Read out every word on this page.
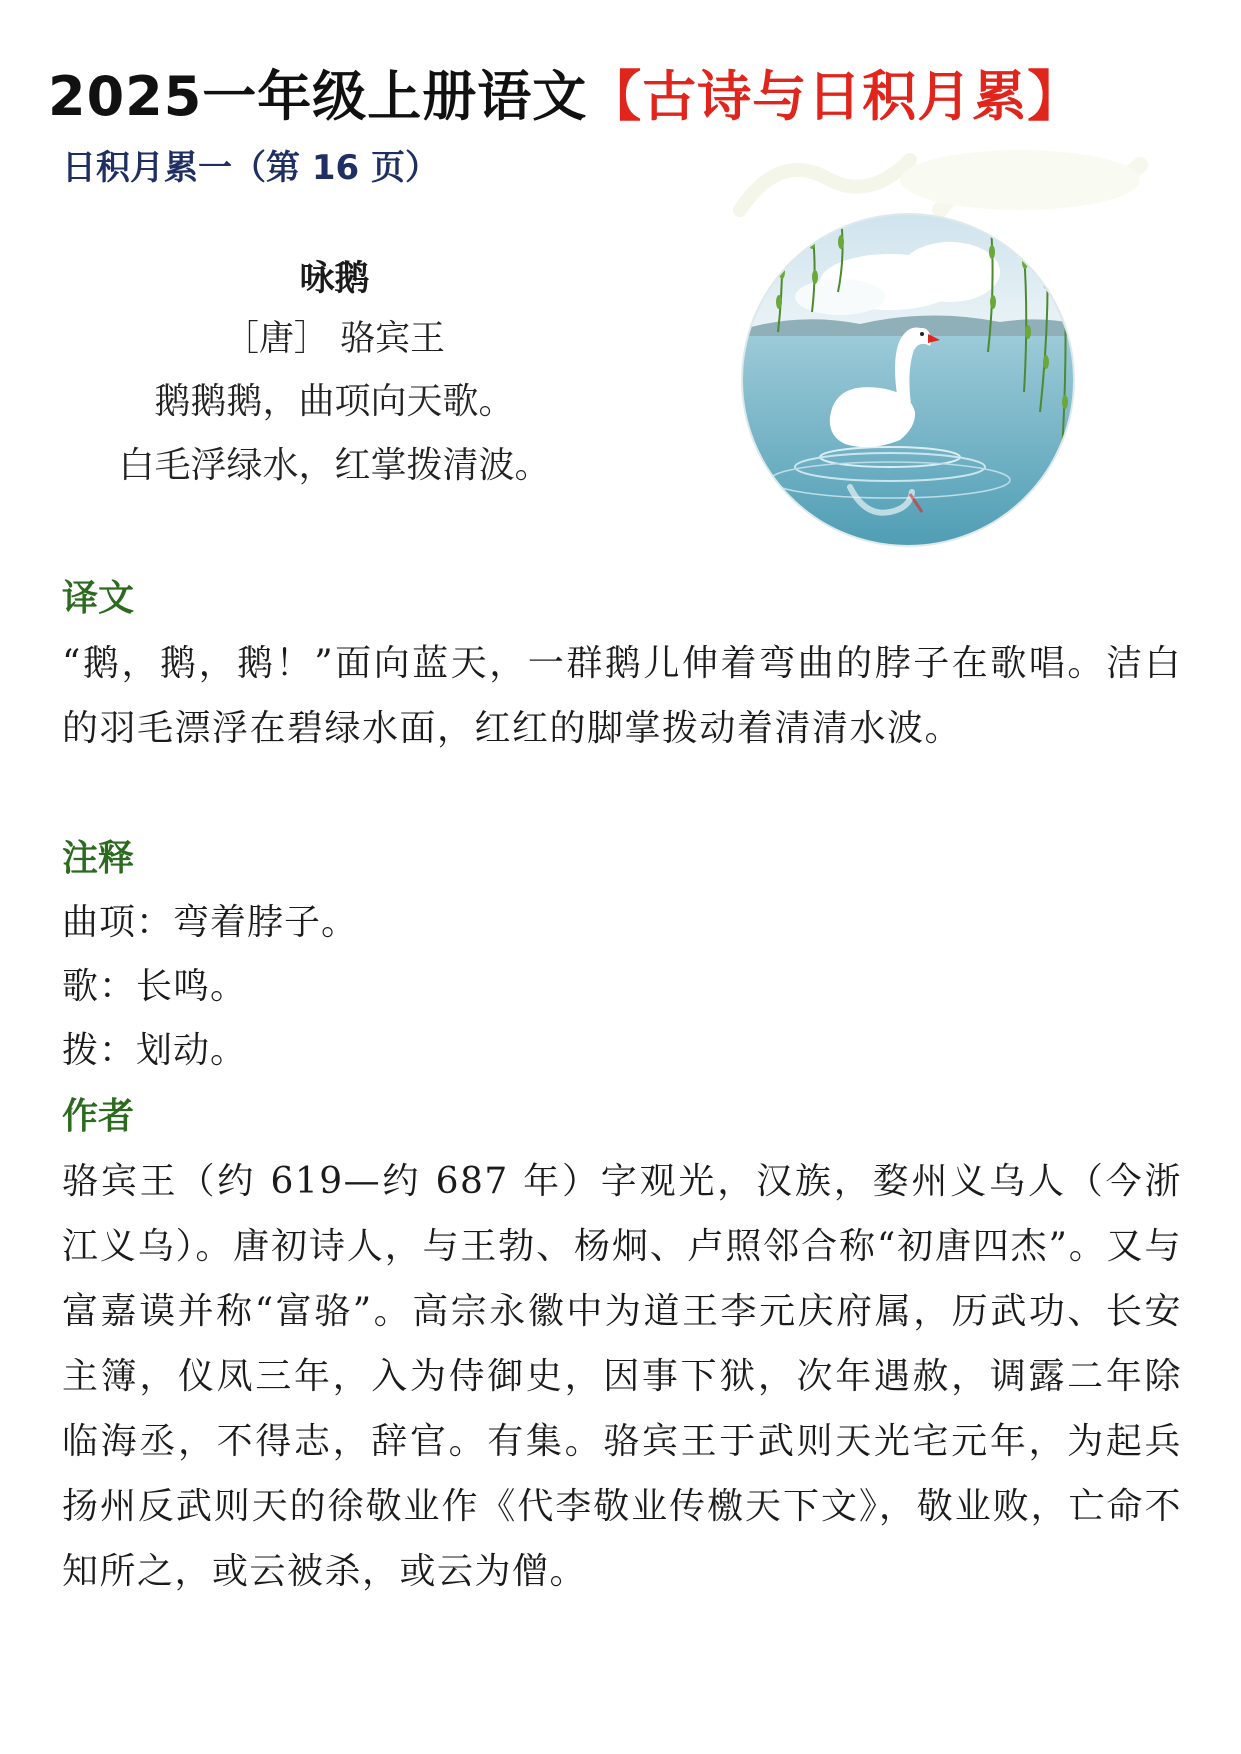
2025一年级上册语文【古诗与日积月累】
日积月累一（第 16 页）
咏鹅
［唐］ 骆宾王
鹅鹅鹅，曲项向天歌。
白毛浮绿水，红掌拨清波。
译文
“鹅，鹅，鹅！”面向蓝天，一群鹅儿伸着弯曲的脖子在歌唱。洁白的羽毛漂浮在碧绿水面，红红的脚掌拨动着清清水波。
注释
曲项：弯着脖子。
歌：长鸣。
拨：划动。
作者
骆宾王（约 619—约 687 年）字观光，汉族，婺州义乌人（今浙江义乌）。唐初诗人，与王勃、杨炯、卢照邻合称“初唐四杰”。又与富嘉谟并称“富骆”。高宗永徽中为道王李元庆府属，历武功、长安主簿，仪凤三年，入为侍御史，因事下狱，次年遇赦，调露二年除临海丞，不得志，辞官。有集。骆宾王于武则天光宅元年，为起兵扬州反武则天的徐敬业作《代李敬业传檄天下文》，敬业败，亡命不知所之，或云被杀，或云为僧。
